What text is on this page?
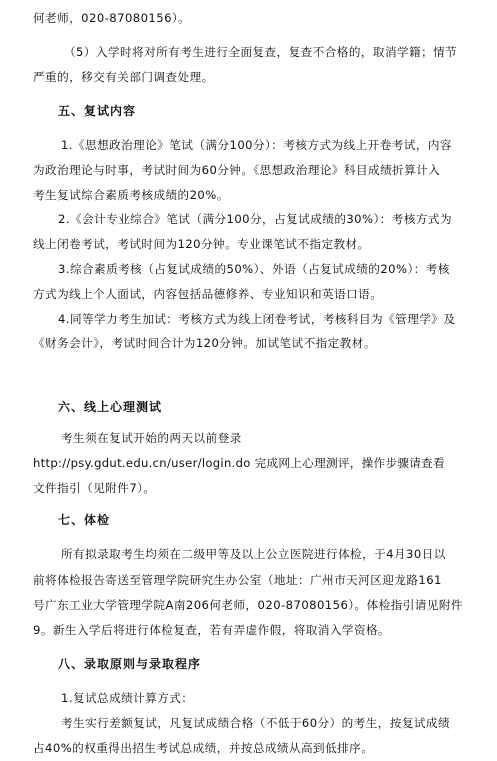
何老师，020-87080156）。
（5）入学时将对所有考生进行全面复查，复查不合格的，取消学籍；情节
严重的，移交有关部门调查处理。
五、复试内容
1.《思想政治理论》笔试（满分100分）：考核方式为线上开卷考试，内容
为政治理论与时事，考试时间为60分钟。《思想政治理论》科目成绩折算计入
考生复试综合素质考核成绩的20%。
2.《会计专业综合》笔试（满分100分，占复试成绩的30%）：考核方式为
线上闭卷考试，考试时间为120分钟。专业课笔试不指定教材。
3.综合素质考核（占复试成绩的50%）、外语（占复试成绩的20%）：考核
方式为线上个人面试，内容包括品德修养、专业知识和英语口语。
4.同等学力考生加试：考核方式为线上闭卷考试，考核科目为《管理学》及
《财务会计》，考试时间合计为120分钟。加试笔试不指定教材。
六、线上心理测试
考生须在复试开始的两天以前登录
http://psy.gdut.edu.cn/user/login.do 完成网上心理测评，操作步骤请查看
文件指引（见附件7）。
七、体检
所有拟录取考生均须在二级甲等及以上公立医院进行体检，于4月30日以
前将体检报告寄送至管理学院研究生办公室（地址：广州市天河区迎龙路161
号广东工业大学管理学院A南206何老师，020-87080156）。体检指引请见附件
9。新生入学后将进行体检复查，若有弄虚作假，将取消入学资格。
八、录取原则与录取程序
1.复试总成绩计算方式：
考生实行差额复试，凡复试成绩合格（不低于60分）的考生，按复试成绩
占40%的权重得出招生考试总成绩，并按总成绩从高到低排序。
